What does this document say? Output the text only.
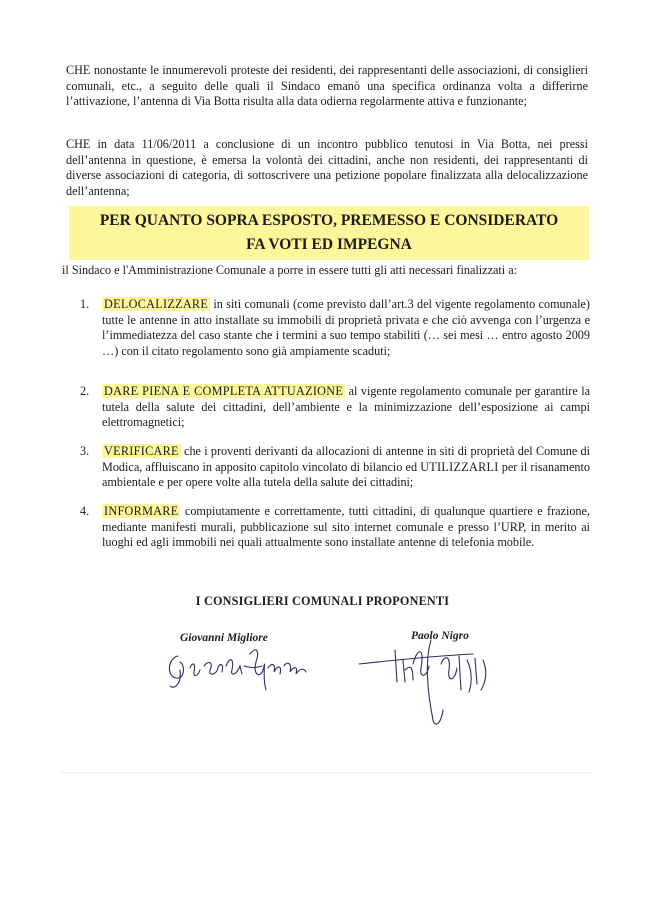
CHE nonostante le innumerevoli proteste dei residenti, dei rappresentanti delle associazioni, di consiglieri comunali, etc., a seguito delle quali il Sindaco emanò una specifica ordinanza volta a differirne l’attivazione, l’antenna di Via Botta risulta alla data odierna regolarmente attiva e funzionante;

CHE in data 11/06/2011 a conclusione di un incontro pubblico tenutosi in Via Botta, nei pressi dell’antenna in questione, è emersa la volontà dei cittadini, anche non residenti, dei rappresentanti di diverse associazioni di categoria, di sottoscrivere una petizione popolare finalizzata alla delocalizzazione dell’antenna;

PER QUANTO SOPRA ESPOSTO, PREMESSO E CONSIDERATO
FA VOTI ED IMPEGNA

il Sindaco e l'Amministrazione Comunale a porre in essere tutti gli atti necessari finalizzati a:

1.	DELOCALIZZARE in siti comunali (come previsto dall’art.3 del vigente regolamento comunale) tutte le antenne in atto installate su immobili di proprietà privata e che ciò avvenga con l’urgenza e l’immediatezza del caso stante che i termini a suo tempo stabiliti (… sei mesi … entro agosto 2009 …) con il citato regolamento sono già ampiamente scaduti;
2.	DARE PIENA E COMPLETA ATTUAZIONE al vigente regolamento comunale per garantire la tutela della salute dei cittadini, dell’ambiente e la minimizzazione dell’esposizione ai campi elettromagnetici;
3.	VERIFICARE che i proventi derivanti da allocazioni di antenne in siti di proprietà del Comune di Modica, affluiscano in apposito capitolo vincolato di bilancio ed UTILIZZARLI per il risanamento ambientale e per opere volte alla tutela della salute dei cittadini;
4.	INFORMARE compiutamente e correttamente, tutti cittadini, di qualunque quartiere e frazione, mediante manifesti murali, pubblicazione sul sito internet comunale e presso l’URP, in merito ai luoghi ed agli immobili nei quali attualmente sono installate antenne di telefonia mobile.
I CONSIGLIERI COMUNALI PROPONENTI
Giovanni Migliore	Paolo Nigro
